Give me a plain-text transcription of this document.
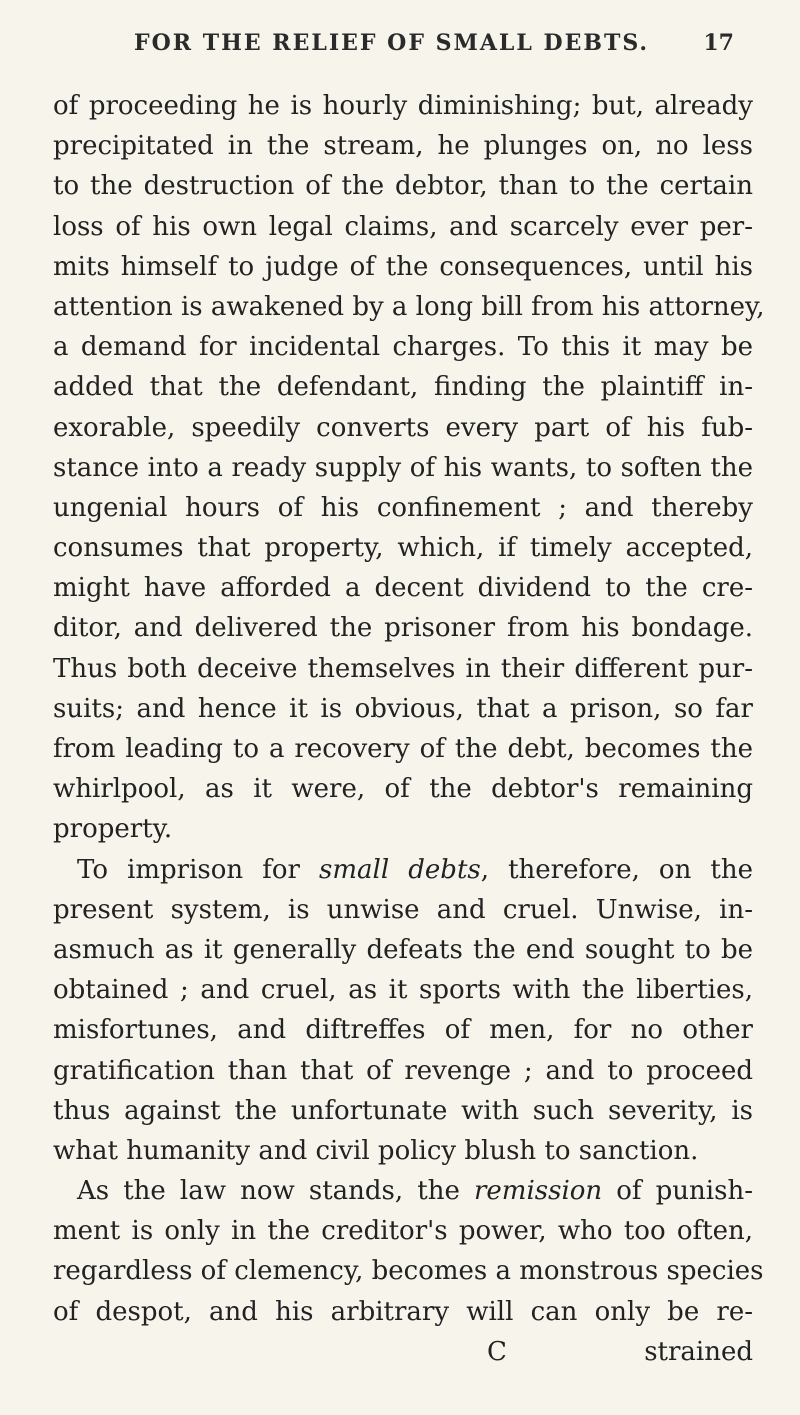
FOR THE RELIEF OF SMALL DEBTS. 17
of proceeding he is hourly diminishing; but, already
precipitated in the stream, he plunges on, no less
to the destruction of the debtor, than to the certain
loss of his own legal claims, and scarcely ever per-
mits himself to judge of the consequences, until his
attention is awakened by a long bill from his attorney,
a demand for incidental charges. To this it may be
added that the defendant, finding the plaintiff in-
exorable, speedily converts every part of his fub-
stance into a ready supply of his wants, to soften the
ungenial hours of his confinement ; and thereby
consumes that property, which, if timely accepted,
might have afforded a decent dividend to the cre-
ditor, and delivered the prisoner from his bondage.
Thus both deceive themselves in their different pur-
suits; and hence it is obvious, that a prison, so far
from leading to a recovery of the debt, becomes the
whirlpool, as it were, of the debtor's remaining
property.
To imprison for small debts, therefore, on the
present system, is unwise and cruel. Unwise, in-
asmuch as it generally defeats the end sought to be
obtained ; and cruel, as it sports with the liberties,
misfortunes, and diftreffes of men, for no other
gratification than that of revenge ; and to proceed
thus against the unfortunate with such severity, is
what humanity and civil policy blush to sanction.
As the law now stands, the remission of punish-
ment is only in the creditor's power, who too often,
regardless of clemency, becomes a monstrous species
of despot, and his arbitrary will can only be re-
C	strained
